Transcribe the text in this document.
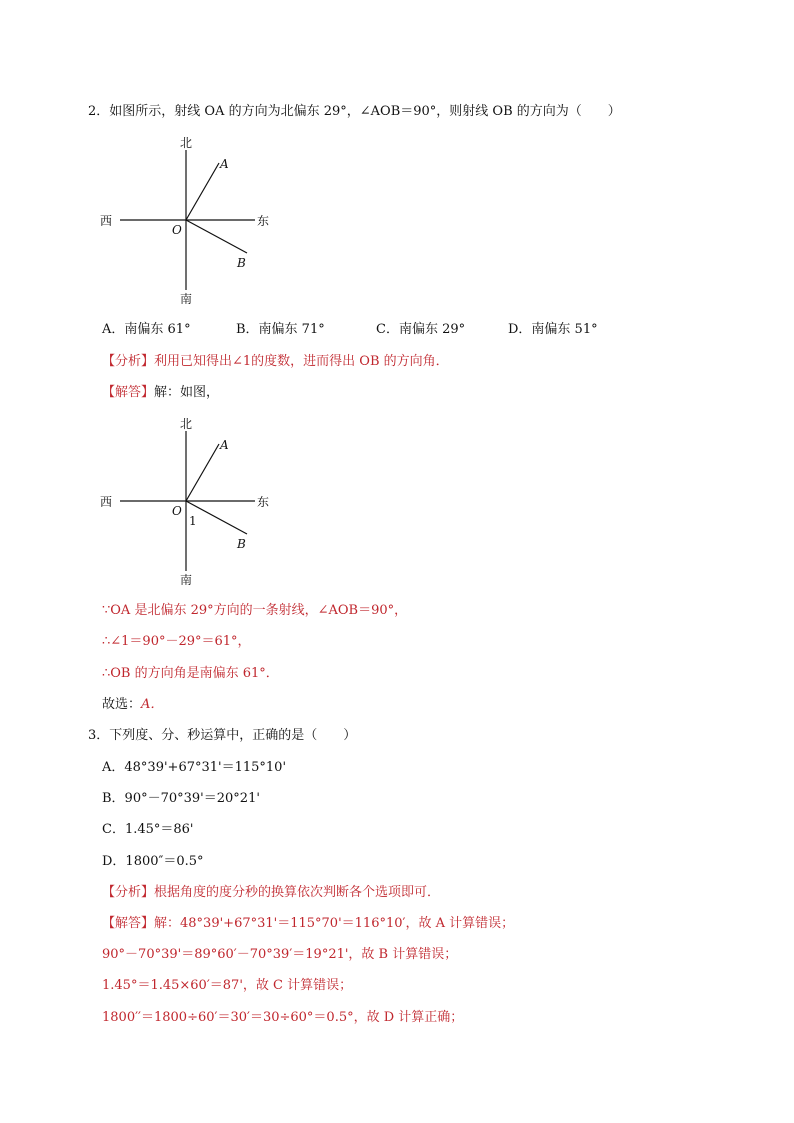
2．如图所示，射线 OA 的方向为北偏东 29°，∠AOB＝90°，则射线 OB 的方向为（　　）
北
南
西	东
O
A
B
A．南偏东 61°	B．南偏东 71°	C．南偏东 29°	D．南偏东 51°
【分析】利用已知得出∠1的度数，进而得出 OB 的方向角．
【解答】解：如图，
北
南
西	东
O
A
B
1
∵OA 是北偏东 29°方向的一条射线，∠AOB＝90°，
∴∠1＝90°－29°＝61°，
∴OB 的方向角是南偏东 61°．
故选：A．
3．下列度、分、秒运算中，正确的是（　　）
A．48°39'+67°31'＝115°10'
B．90°－70°39'＝20°21'
C．1.45°＝86'
D．1800″＝0.5°
【分析】根据角度的度分秒的换算依次判断各个选项即可．
【解答】解：48°39'+67°31'＝115°70'＝116°10′，故 A 计算错误；
90°－70°39'＝89°60′－70°39′＝19°21'，故 B 计算错误；
1.45°＝1.45×60′＝87'，故 C 计算错误；
1800′′＝1800÷60′＝30′＝30÷60°＝0.5°，故 D 计算正确；
